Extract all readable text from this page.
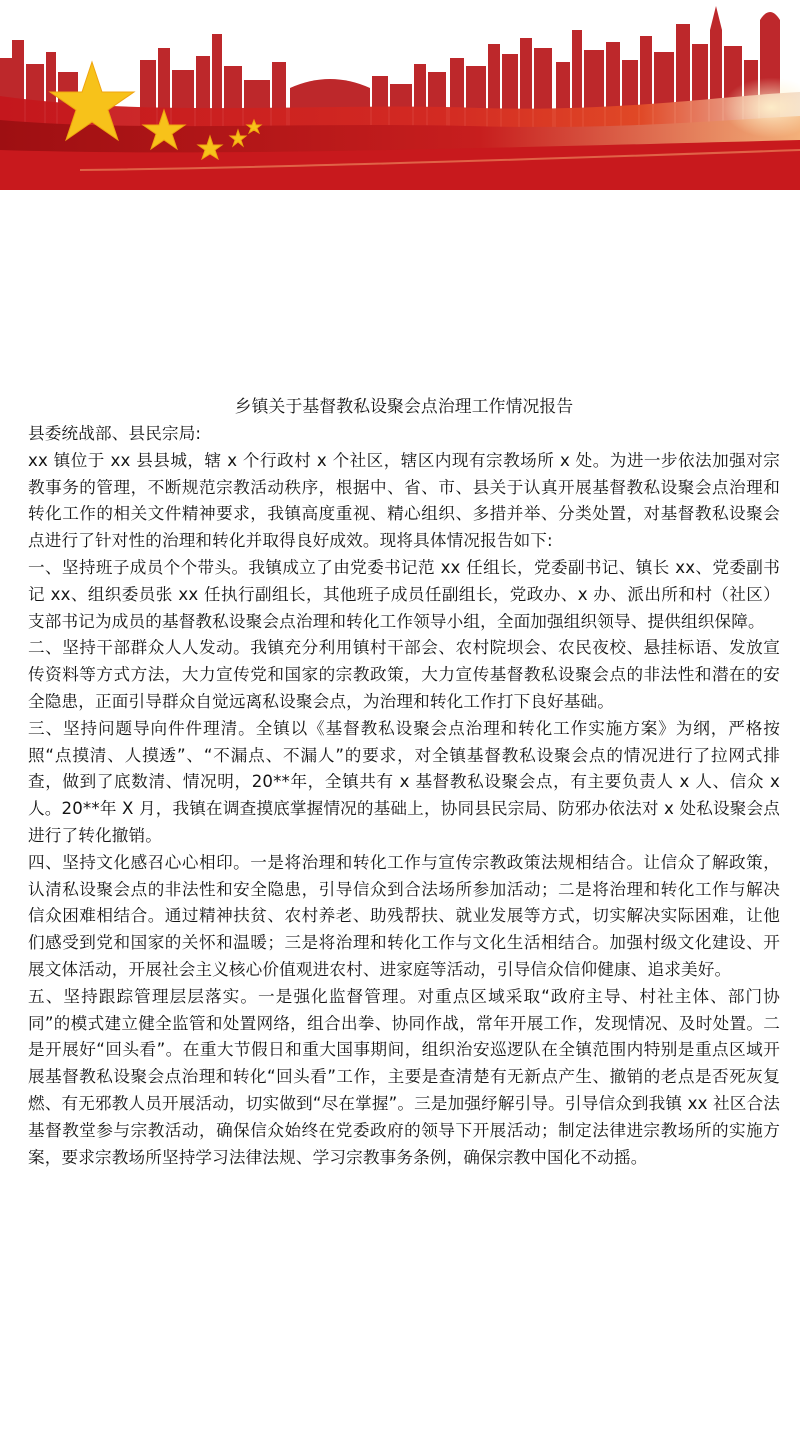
乡镇关于基督教私设聚会点治理工作情况报告

县委统战部、县民宗局:

xx 镇位于 xx 县县城，辖 x 个行政村 x 个社区，辖区内现有宗教场所 x 处。为进一步依法加强对宗教事务的管理，不断规范宗教活动秩序，根据中、省、市、县关于认真开展基督教私设聚会点治理和转化工作的相关文件精神要求，我镇高度重视、精心组织、多措并举、分类处置，对基督教私设聚会点进行了针对性的治理和转化并取得良好成效。现将具体情况报告如下:

一、坚持班子成员个个带头。我镇成立了由党委书记范 xx 任组长，党委副书记、镇长 xx、党委副书记 xx、组织委员张 xx 任执行副组长，其他班子成员任副组长，党政办、x 办、派出所和村（社区）支部书记为成员的基督教私设聚会点治理和转化工作领导小组，全面加强组织领导、提供组织保障。

二、坚持干部群众人人发动。我镇充分利用镇村干部会、农村院坝会、农民夜校、悬挂标语、发放宣传资料等方式方法，大力宣传党和国家的宗教政策，大力宣传基督教私设聚会点的非法性和潜在的安全隐患，正面引导群众自觉远离私设聚会点，为治理和转化工作打下良好基础。

三、坚持问题导向件件理清。全镇以《基督教私设聚会点治理和转化工作实施方案》为纲，严格按照“点摸清、人摸透”、“不漏点、不漏人”的要求，对全镇基督教私设聚会点的情况进行了拉网式排查，做到了底数清、情况明，20**年，全镇共有 x 基督教私设聚会点，有主要负责人 x 人、信众 x 人。20**年 X 月，我镇在调查摸底掌握情况的基础上，协同县民宗局、防邪办依法对 x 处私设聚会点进行了转化撤销。

四、坚持文化感召心心相印。一是将治理和转化工作与宣传宗教政策法规相结合。让信众了解政策，认清私设聚会点的非法性和安全隐患，引导信众到合法场所参加活动；二是将治理和转化工作与解决信众困难相结合。通过精神扶贫、农村养老、助残帮扶、就业发展等方式，切实解决实际困难，让他们感受到党和国家的关怀和温暖；三是将治理和转化工作与文化生活相结合。加强村级文化建设、开展文体活动，开展社会主义核心价值观进农村、进家庭等活动，引导信众信仰健康、追求美好。

五、坚持跟踪管理层层落实。一是强化监督管理。对重点区域采取“政府主导、村社主体、部门协同”的模式建立健全监管和处置网络，组合出拳、协同作战，常年开展工作，发现情况、及时处置。二是开展好“回头看”。在重大节假日和重大国事期间，组织治安巡逻队在全镇范围内特别是重点区域开展基督教私设聚会点治理和转化“回头看”工作，主要是查清楚有无新点产生、撤销的老点是否死灰复燃、有无邪教人员开展活动，切实做到“尽在掌握”。三是加强纾解引导。引导信众到我镇 xx 社区合法基督教堂参与宗教活动，确保信众始终在党委政府的领导下开展活动；制定法律进宗教场所的实施方案，要求宗教场所坚持学习法律法规、学习宗教事务条例，确保宗教中国化不动摇。
